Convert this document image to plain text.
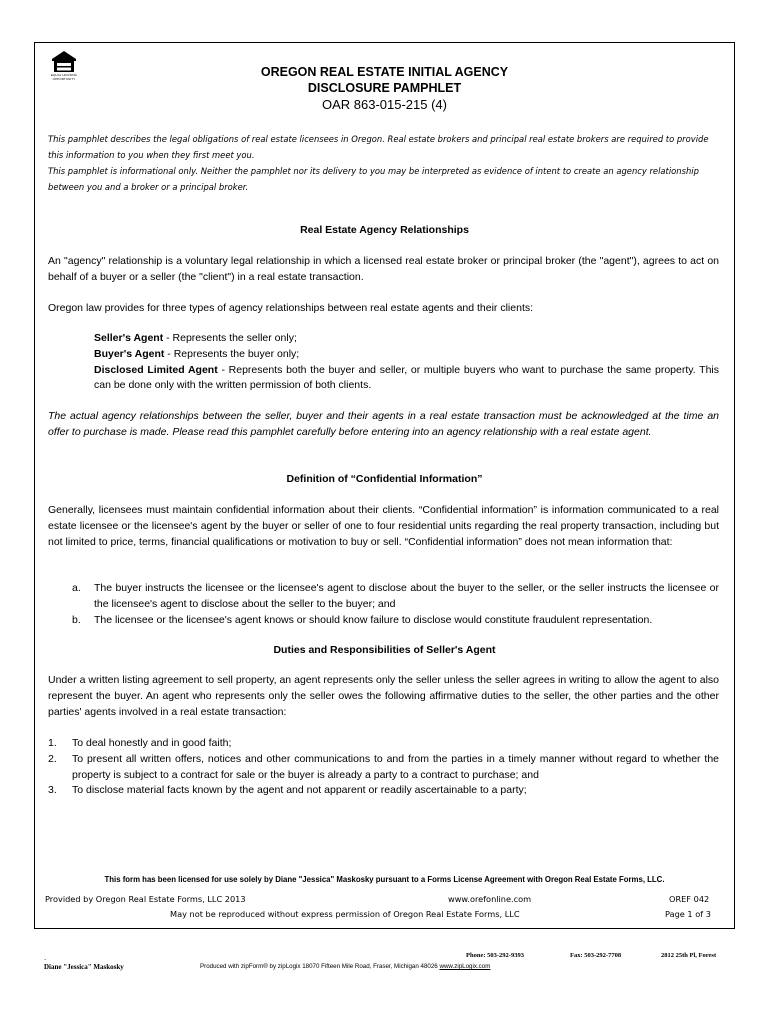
EQUAL HOUSING OPPORTUNITY	OREGON REAL ESTATE INITIAL AGENCY
DISCLOSURE PAMPHLET
OAR 863-015-215 (4)

This pamphlet describes the legal obligations of real estate licensees in Oregon. Real estate brokers and principal real estate brokers are required to provide this information to you when they first meet you.

This pamphlet is informational only. Neither the pamphlet nor its delivery to you may be interpreted as evidence of intent to create an agency relationship between you and a broker or a principal broker.

Real Estate Agency Relationships

An "agency" relationship is a voluntary legal relationship in which a licensed real estate broker or principal broker (the "agent"), agrees to act on behalf of a buyer or a seller (the "client") in a real estate transaction.

Oregon law provides for three types of agency relationships between real estate agents and their clients:

Seller's Agent - Represents the seller only;
Buyer's Agent - Represents the buyer only;
Disclosed Limited Agent - Represents both the buyer and seller, or multiple buyers who want to purchase the same property. This can be done only with the written permission of both clients.

The actual agency relationships between the seller, buyer and their agents in a real estate transaction must be acknowledged at the time an offer to purchase is made. Please read this pamphlet carefully before entering into an agency relationship with a real estate agent.

Definition of “Confidential Information”

Generally, licensees must maintain confidential information about their clients. “Confidential information” is information communicated to a real estate licensee or the licensee's agent by the buyer or seller of one to four residential units regarding the real property transaction, including but not limited to price, terms, financial qualifications or motivation to buy or sell. “Confidential information” does not mean information that:

a. The buyer instructs the licensee or the licensee's agent to disclose about the buyer to the seller, or the seller instructs the licensee or the licensee's agent to disclose about the seller to the buyer; and
b. The licensee or the licensee's agent knows or should know failure to disclose would constitute fraudulent representation.
Duties and Responsibilities of Seller's Agent

Under a written listing agreement to sell property, an agent represents only the seller unless the seller agrees in writing to allow the agent to also represent the buyer. An agent who represents only the seller owes the following affirmative duties to the seller, the other parties and the other parties' agents involved in a real estate transaction:

1. To deal honestly and in good faith;
2. To present all written offers, notices and other communications to and from the parties in a timely manner without regard to whether the property is subject to a contract for sale or the buyer is already a party to a contract to purchase; and
3. To disclose material facts known by the agent and not apparent or readily ascertainable to a party;
This form has been licensed for use solely by Diane "Jessica" Maskosky pursuant to a Forms License Agreement with Oregon Real Estate Forms, LLC.
Provided by Oregon Real Estate Forms, LLC 2013	www.orefonline.com	OREF 042
May not be reproduced without express permission of Oregon Real Estate Forms, LLC	Page 1 of 3
.
Diane "Jessica" Maskosky	Produced with zipForm® by zipLogix 18070 Fifteen Mile Road, Fraser, Michigan 48026 www.zipLogix.com
Phone: 503-292-9393	Fax: 503-292-7708	2812 25th Pl, Forest
